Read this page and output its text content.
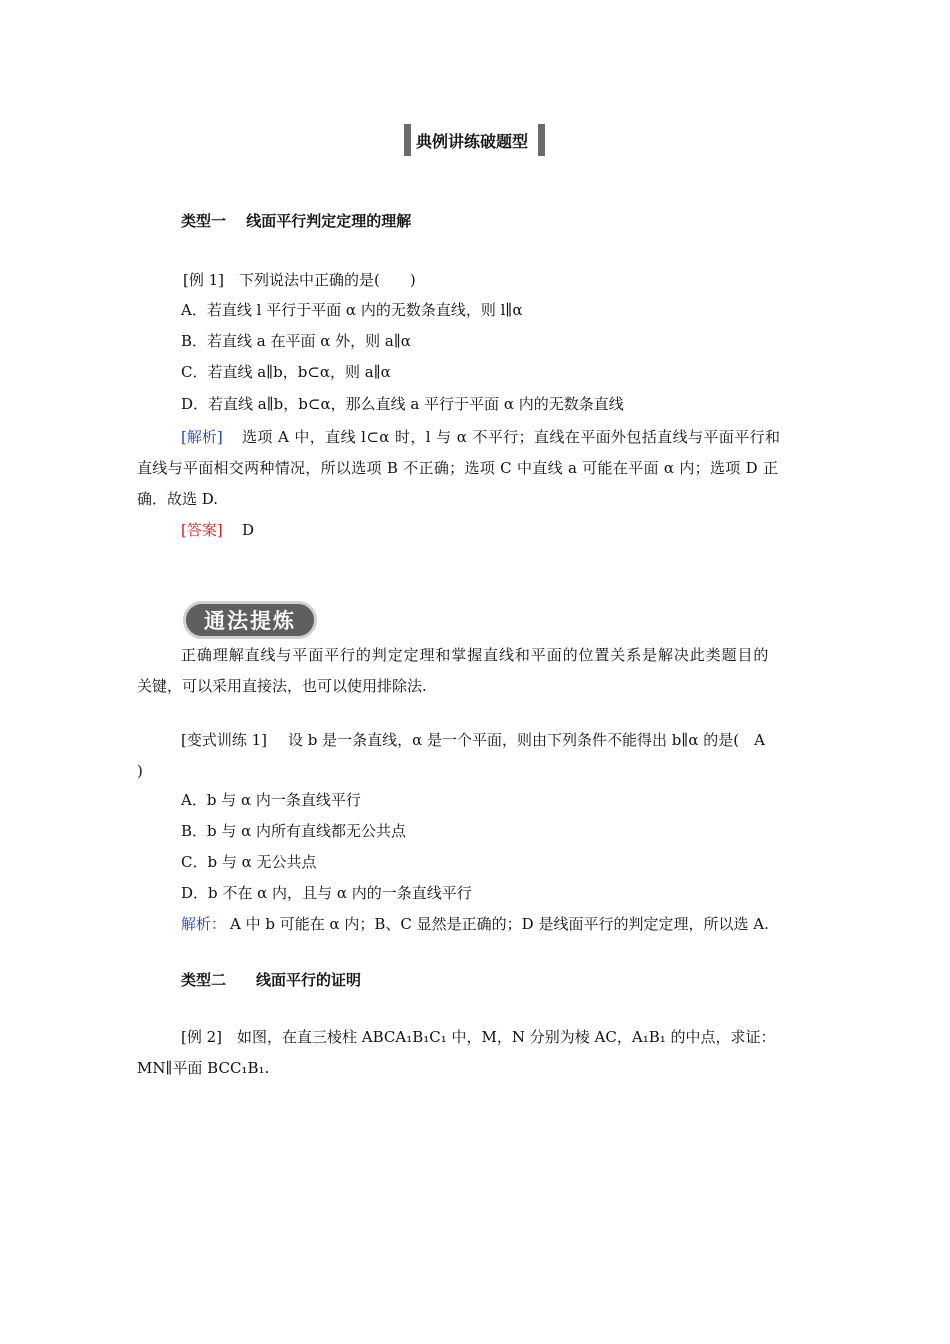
典例讲练破题型
类型一　 线面平行判定定理的理解
[例 1]　下列说法中正确的是(　　)
A．若直线 l 平行于平面 α 内的无数条直线，则 l∥α
B．若直线 a 在平面 α 外，则 a∥α
C．若直线 a∥b，b⊂α，则 a∥α
D．若直线 a∥b，b⊂α，那么直线 a 平行于平面 α 内的无数条直线
[解析] 选项 A 中，直线 l⊂α 时，l 与 α 不平行；直线在平面外包括直线与平面平行和
直线与平面相交两种情况，所以选项 B 不正确；选项 C 中直线 a 可能在平面 α 内；选项 D 正
确．故选 D.
[答案] D
通法提炼
正确理解直线与平面平行的判定定理和掌握直线和平面的位置关系是解决此类题目的
关键，可以采用直接法，也可以使用排除法.
[变式训练 1] 设 b 是一条直线，α 是一个平面，则由下列条件不能得出 b∥α 的是(　A
)
A．b 与 α 内一条直线平行
B．b 与 α 内所有直线都无公共点
C．b 与 α 无公共点
D．b 不在 α 内，且与 α 内的一条直线平行
解析： A 中 b 可能在 α 内；B、C 显然是正确的；D 是线面平行的判定定理，所以选 A.
类型二　　线面平行的证明
[例 2]　如图，在直三棱柱 ABCA₁B₁C₁ 中，M，N 分别为棱 AC，A₁B₁ 的中点，求证：
MN∥平面 BCC₁B₁.
